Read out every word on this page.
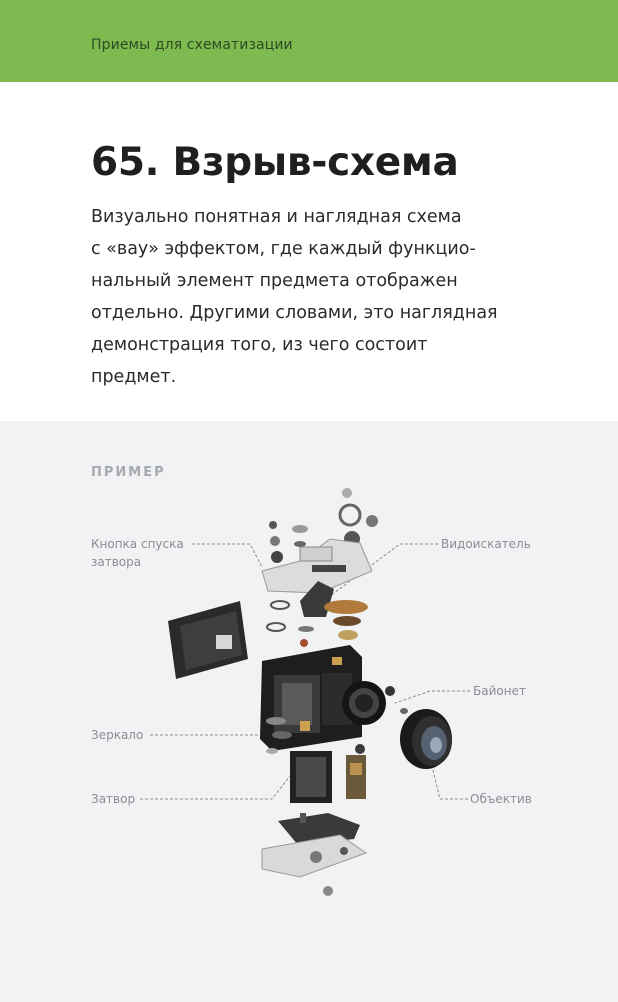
Приемы для схематизации
65. Взрыв-схема
Визуально понятная и наглядная схема
с «вау» эффектом, где каждый функцио-
нальный элемент предмета отображен
отдельно. Другими словами, это наглядная
демонстрация того, из чего состоит
предмет.
ПРИМЕР
Кнопка спуска
затвора
Видоискатель
Байонет
Зеркало
Затвор	Объектив
